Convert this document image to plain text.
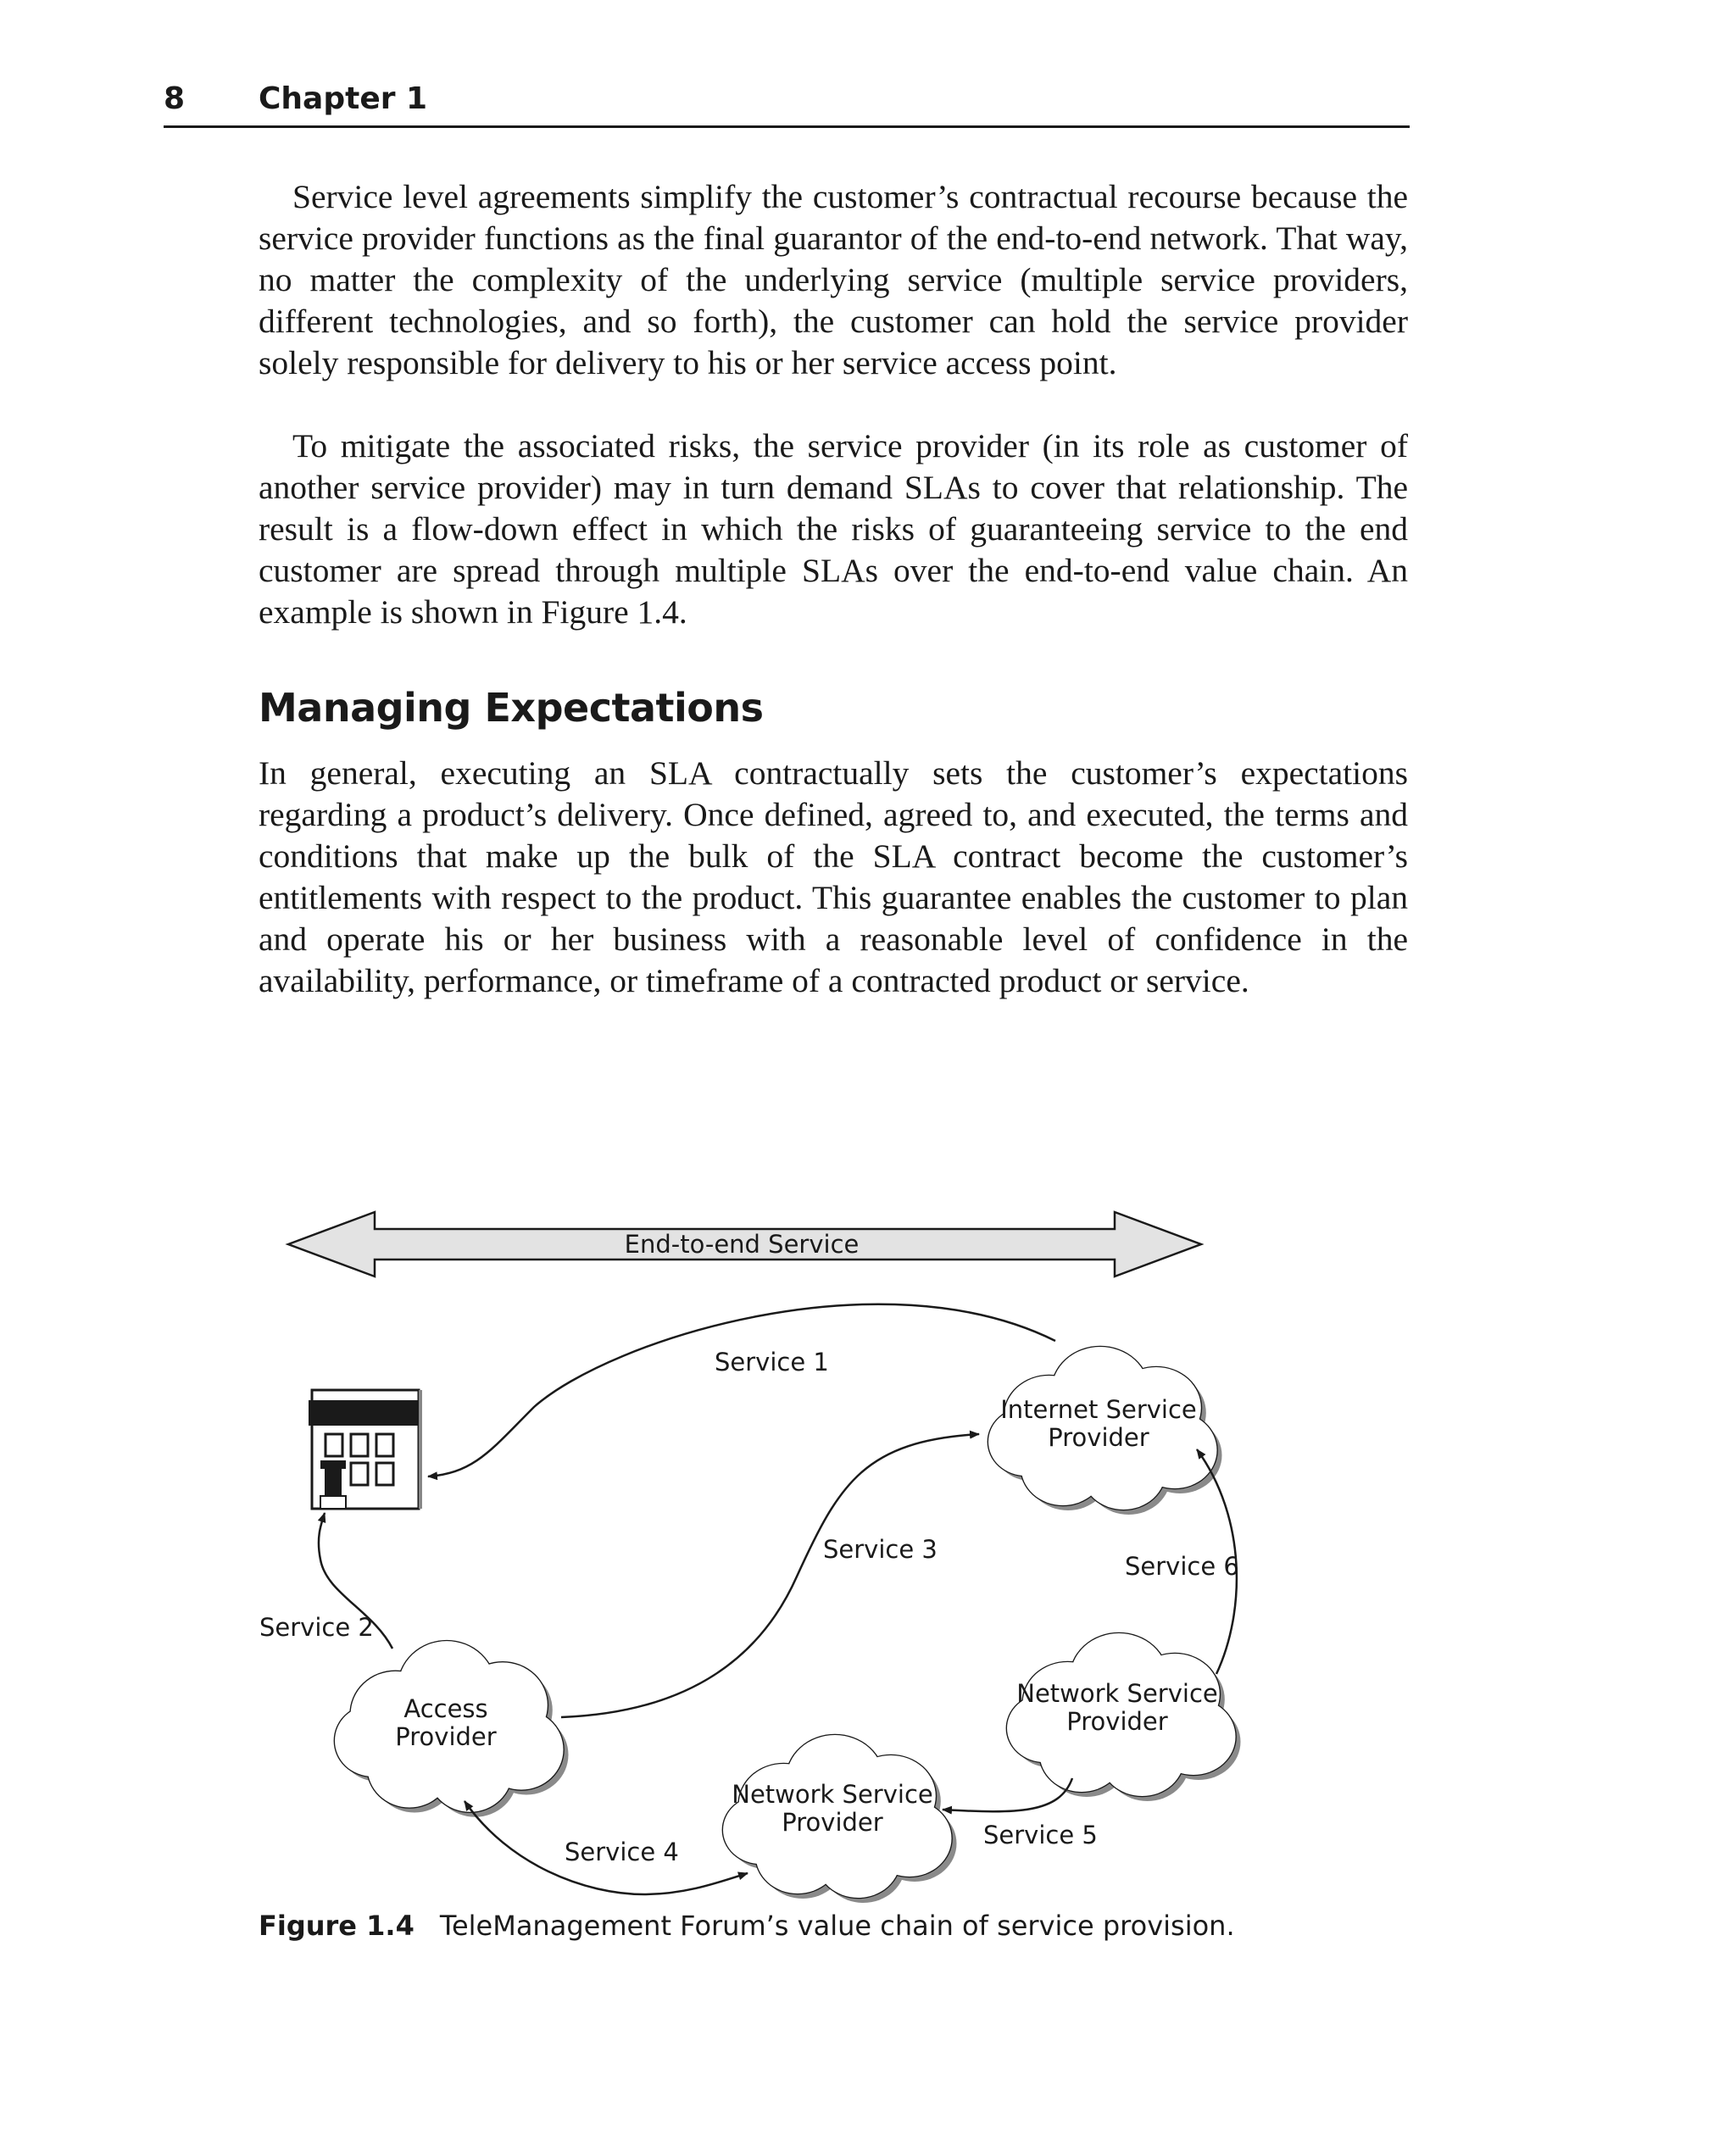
8 Chapter 1

Service level agreements simplify the customer’s contractual recourse because the service provider functions as the final guarantor of the end-to-end network. That way, no matter the complexity of the underlying service (multiple service providers, different technologies, and so forth), the customer can hold the service provider solely responsible for delivery to his or her service access point.

To mitigate the associated risks, the service provider (in its role as customer of another service provider) may in turn demand SLAs to cover that relationship. The result is a flow-down effect in which the risks of guaranteeing service to the end customer are spread through multiple SLAs over the end-to-end value chain. An example is shown in Figure 1.4.

Managing Expectations

In general, executing an SLA contractually sets the customer’s expectations regarding a product’s delivery. Once defined, agreed to, and executed, the terms and conditions that make up the bulk of the SLA contract become the customer’s entitlements with respect to the product. This guarantee enables the customer to plan and operate his or her business with a reasonable level of confidence in the availability, performance, or timeframe of a contracted product or service.

End-to-end Service
Internet Service
Provider
Access
Provider
Network Service
Provider
Network Service
Provider
Service 1
Service 2
Service 3
Service 4
Service 5
Service 6

Figure 1.4 TeleManagement Forum’s value chain of service provision.
